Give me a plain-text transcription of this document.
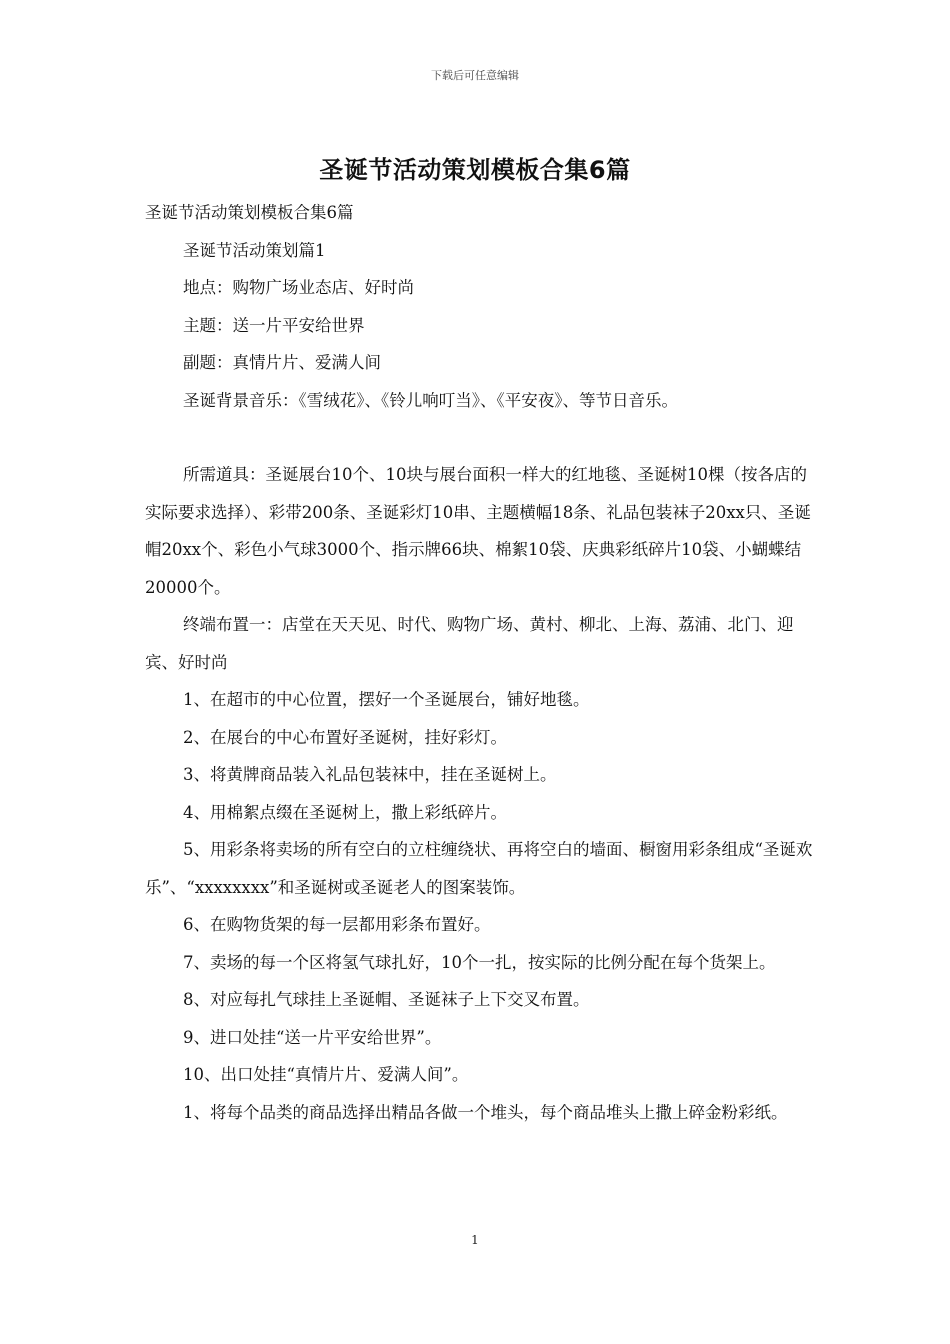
下载后可任意编辑
圣诞节活动策划模板合集6篇

圣诞节活动策划模板合集6篇

圣诞节活动策划篇1

地点：购物广场业态店、好时尚

主题：送一片平安给世界

副题：真情片片、爱满人间

圣诞背景音乐：《雪绒花》、《铃儿响叮当》、《平安夜》、等节日音乐。

所需道具：圣诞展台10个、10块与展台面积一样大的红地毯、圣诞树10棵（按各店的实际要求选择）、彩带200条、圣诞彩灯10串、主题横幅18条、礼品包装袜子20xx只、圣诞帽20xx个、彩色小气球3000个、指示牌66块、棉絮10袋、庆典彩纸碎片10袋、小蝴蝶结20000个。

终端布置一：店堂在天天见、时代、购物广场、黄村、柳北、上海、荔浦、北门、迎宾、好时尚

1、在超市的中心位置，摆好一个圣诞展台，铺好地毯。

2、在展台的中心布置好圣诞树，挂好彩灯。

3、将黄牌商品装入礼品包装袜中，挂在圣诞树上。

4、用棉絮点缀在圣诞树上，撒上彩纸碎片。

5、用彩条将卖场的所有空白的立柱缠绕状、再将空白的墙面、橱窗用彩条组成“圣诞欢乐”、“xxxxxxxx”和圣诞树或圣诞老人的图案装饰。

6、在购物货架的每一层都用彩条布置好。

7、卖场的每一个区将氢气球扎好，10个一扎，按实际的比例分配在每个货架上。

8、对应每扎气球挂上圣诞帽、圣诞袜子上下交叉布置。

9、进口处挂“送一片平安给世界”。

10、出口处挂“真情片片、爱满人间”。

1、将每个品类的商品选择出精品各做一个堆头，每个商品堆头上撒上碎金粉彩纸。

1
